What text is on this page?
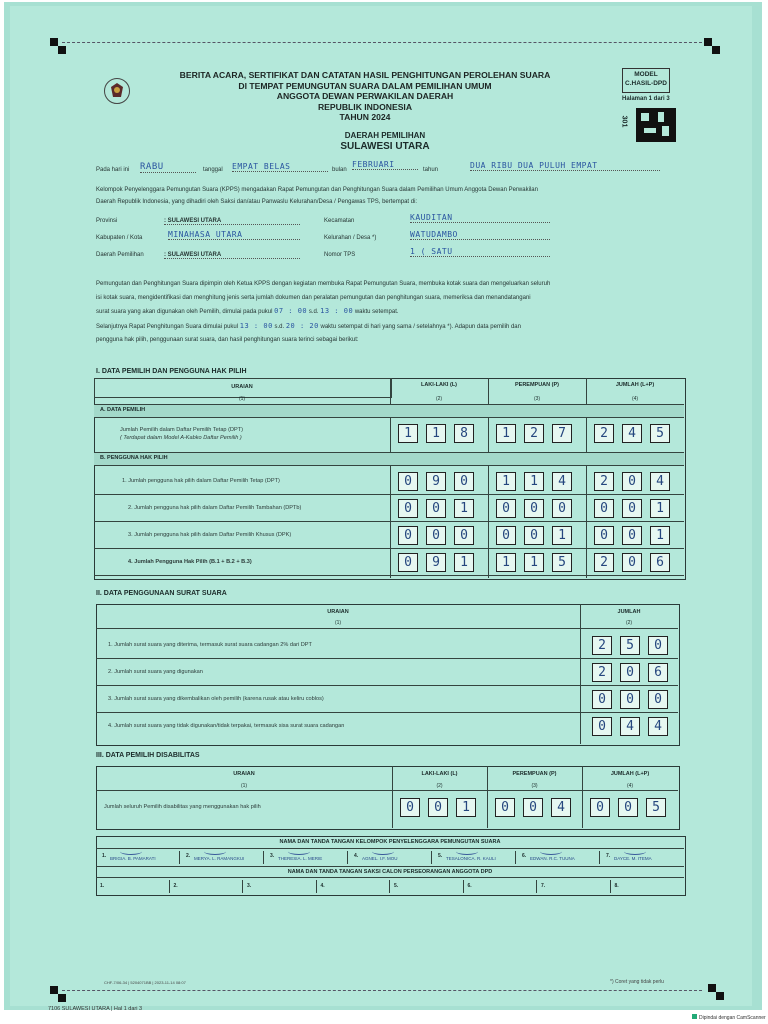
BERITA ACARA, SERTIFIKAT DAN CATATAN HASIL PENGHITUNGAN PEROLEHAN SUARA
DI TEMPAT PEMUNGUTAN SUARA DALAM PEMILIHAN UMUM
ANGGOTA DEWAN PERWAKILAN DAERAH
REPUBLIK INDONESIA
TAHUN 2024
MODEL
C.HASIL-DPD
Halaman 1 dari 3
301
DAERAH PEMILIHAN
SULAWESI UTARA
Pada hari ini RABU	tanggal EMPAT BELAS	bulan
FEBRUARI
tahun	DUA RIBU DUA PULUH EMPAT
Kelompok Penyelenggara Pemungutan Suara (KPPS) mengadakan Rapat Pemungutan dan Penghitungan Suara dalam Pemilihan Umum Anggota Dewan Perwakilan
Daerah Republik Indonesia, yang dihadiri oleh Saksi dan/atau Panwaslu Kelurahan/Desa / Pengawas TPS, bertempat di:
Provinsi	: SULAWESI UTARA
Kabupaten / Kota	MINAHASA UTARA
Daerah Pemilihan	: SULAWESI UTARA
Kecamatan	KAUDITAN
Kelurahan / Desa *)	WATUDAMBO
Nomor TPS	1 ( SATU
Pemungutan dan Penghitungan Suara dipimpin oleh Ketua KPPS dengan kegiatan membuka Rapat Pemungutan Suara, membuka kotak suara dan mengeluarkan seluruh
isi kotak suara, mengidentifikasi dan menghitung jenis serta jumlah dokumen dan peralatan pemungutan dan penghitungan suara, memeriksa dan menandatangani
surat suara yang akan digunakan oleh Pemilih, dimulai pada pukul 07 : 00 s.d. 13 : 00 waktu setempat.
Selanjutnya Rapat Penghitungan Suara dimulai pukul 13 : 00 s.d. 20 : 20 waktu setempat di hari yang sama / setelahnya *). Adapun data pemilih dan
pengguna hak pilih, penggunaan surat suara, dan hasil penghitungan suara terinci sebagai berikut:
I. DATA PEMILIH DAN PENGGUNA HAK PILIH
URAIAN	LAKI-LAKI (L)	PEREMPUAN (P)	JUMLAH (L+P)
(1)	(2)	(3)	(4)
A. DATA PEMILIH
Jumlah Pemilih dalam Daftar Pemilih Tetap (DPT)
( Terdapat dalam Model A-Kabko Daftar Pemilih )	1	1	8	1	2	7	2	4	5
B. PENGGUNA HAK PILIH
1. Jumlah pengguna hak pilih dalam Daftar Pemilih Tetap (DPT)	0	9	0	1	1	4	2	0	4
2. Jumlah pengguna hak pilih dalam Daftar Pemilih Tambahan (DPTb)	0	0	1	0	0	0	0	0	1
3. Jumlah pengguna hak pilih dalam Daftar Pemilih Khusus (DPK)	0	0	0	0	0	1	0	0	1
4. Jumlah Pengguna Hak Pilih (B.1 + B.2 + B.3)	0	9	1	1	1	5	2	0	6
II. DATA PENGGUNAAN SURAT SUARA
URAIAN	JUMLAH
(1)	(2)
1. Jumlah surat suara yang diterima, termasuk surat suara cadangan 2% dari DPT	2	5	0
2. Jumlah surat suara yang digunakan	2	0	6
3. Jumlah surat suara yang dikembalikan oleh pemilih (karena rusak atau keliru coblos)	0	0	0
4. Jumlah surat suara yang tidak digunakan/tidak terpakai, termasuk sisa surat suara cadangan	0	4	4
III. DATA PEMILIH DISABILITAS
URAIAN	LAKI-LAKI (L)	PEREMPUAN (P)	JUMLAH (L+P)
(1)	(2)	(3)	(4)
Jumlah seluruh Pemilih disabilitas yang menggunakan hak pilih	0	0	1	0	0	4	0	0	5
NAMA DAN TANDA TANGAN KELOMPOK PENYELENGGARA PEMUNGUTAN SUARA
1. BRIGIA. B. PAMARATI	2. MERYA. L. RAMANGKUI	3. THERESIA. L. MERIE	4. AGNEL. I.F. MOU	5. TESALONICA. R. KAULI	6. EDWAN. R.C. TUUNA	7. DAYCE. M. ITEMA
NAMA DAN TANDA TANGAN SAKSI CALON PERSEORANGAN ANGGOTA DPD
1.	2.	3.	4.	5.	6.	7.	8.
CHF-7/06-34 | 5204071BB | 2023-11-14 08:07	*) Coret yang tidak perlu
7106 SULAWESI UTARA | Hal 1 dari 3
Dipindai dengan CamScanner
